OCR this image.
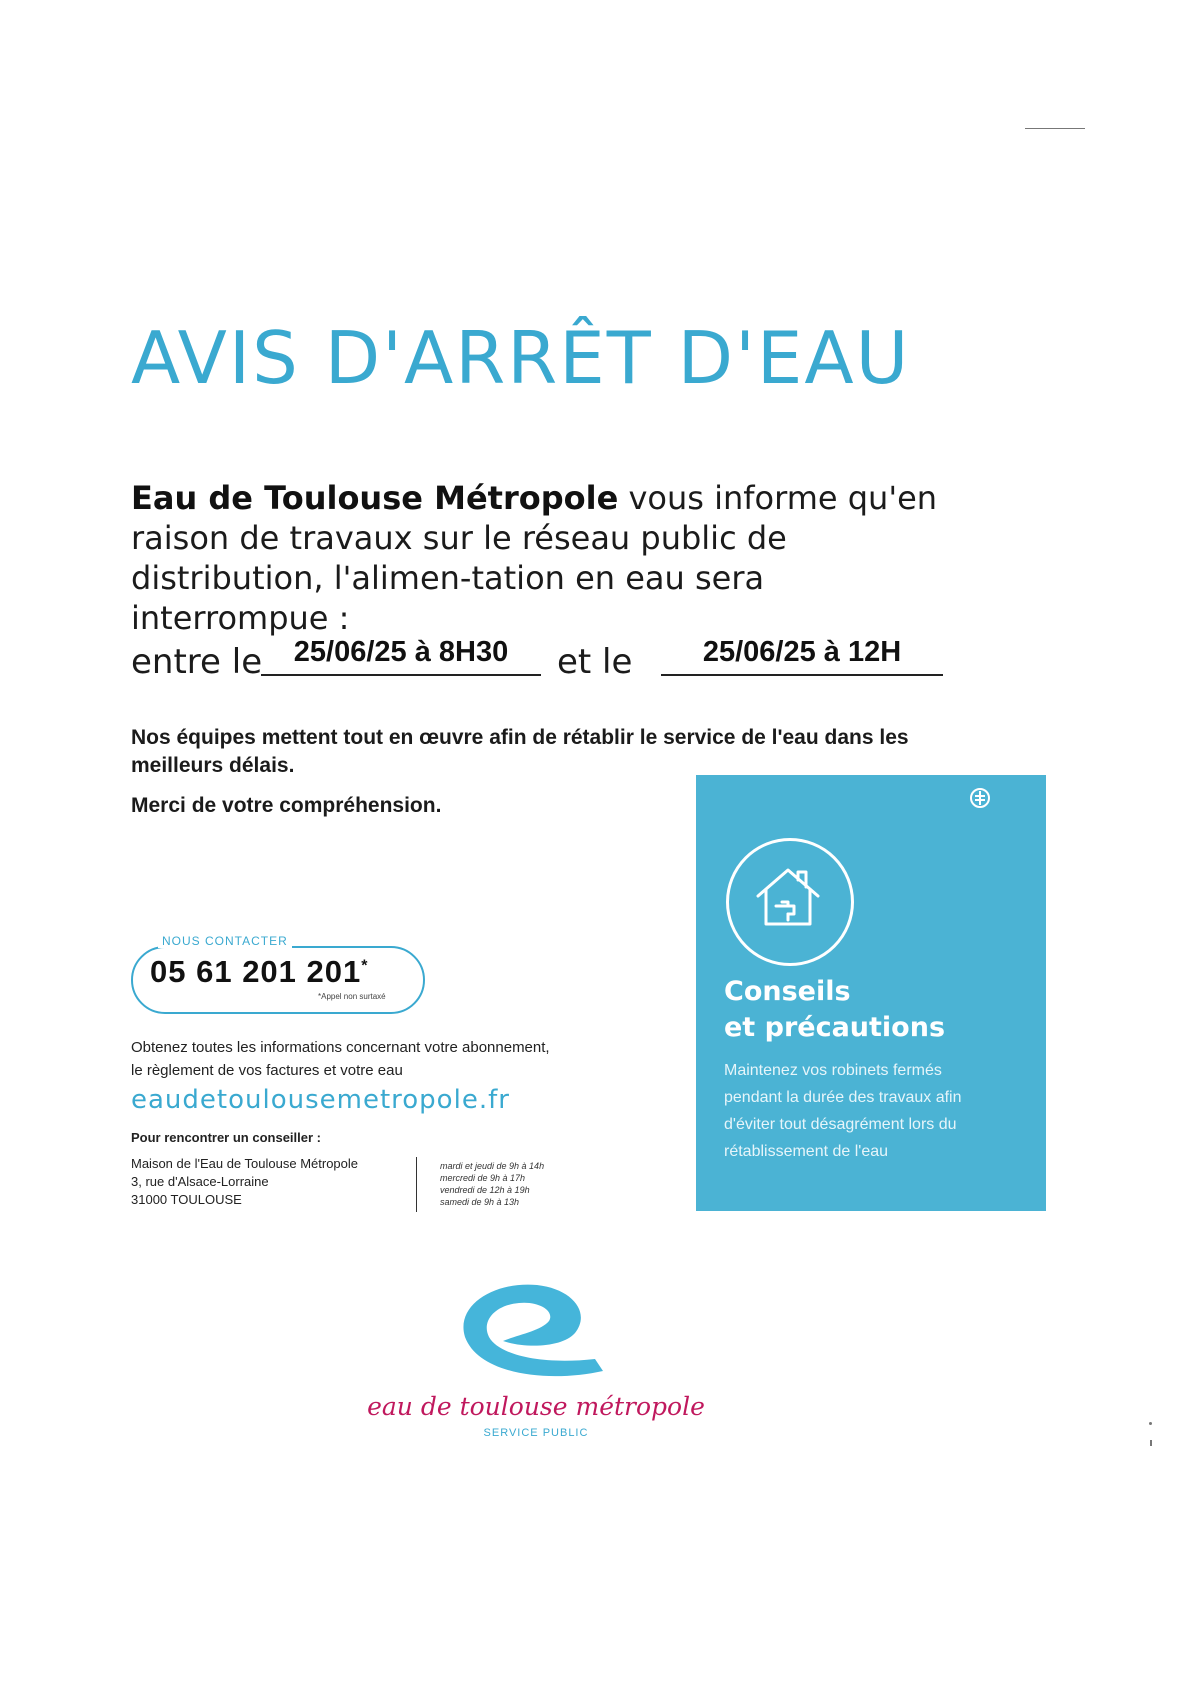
AVIS D'ARRÊT D'EAU
Eau de Toulouse Métropole vous informe qu'en raison de travaux sur le réseau public de distribution, l'alimen-tation en eau sera interrompue :
entre le	25/06/25 à 8H30	et le	25/06/25 à 12H
Nos équipes mettent tout en œuvre afin de rétablir le service de l'eau dans les meilleurs délais.
Merci de votre compréhension.
NOUS CONTACTER
05 61 201 201*
*Appel non surtaxé
Obtenez toutes les informations concernant votre abonnement,
le règlement de vos factures et votre eau
eaudetoulousemetropole.fr
Pour rencontrer un conseiller :
Maison de l'Eau de Toulouse Métropole
3, rue d'Alsace-Lorraine
31000 TOULOUSE
mardi et jeudi de 9h à 14h
mercredi de 9h à 17h
vendredi de 12h à 19h
samedi de 9h à 13h
Conseils
et précautions
Maintenez vos robinets fermés pendant la durée des travaux afin d'éviter tout désagrément lors du rétablissement de l'eau
eau de toulouse métropole
SERVICE PUBLIC
